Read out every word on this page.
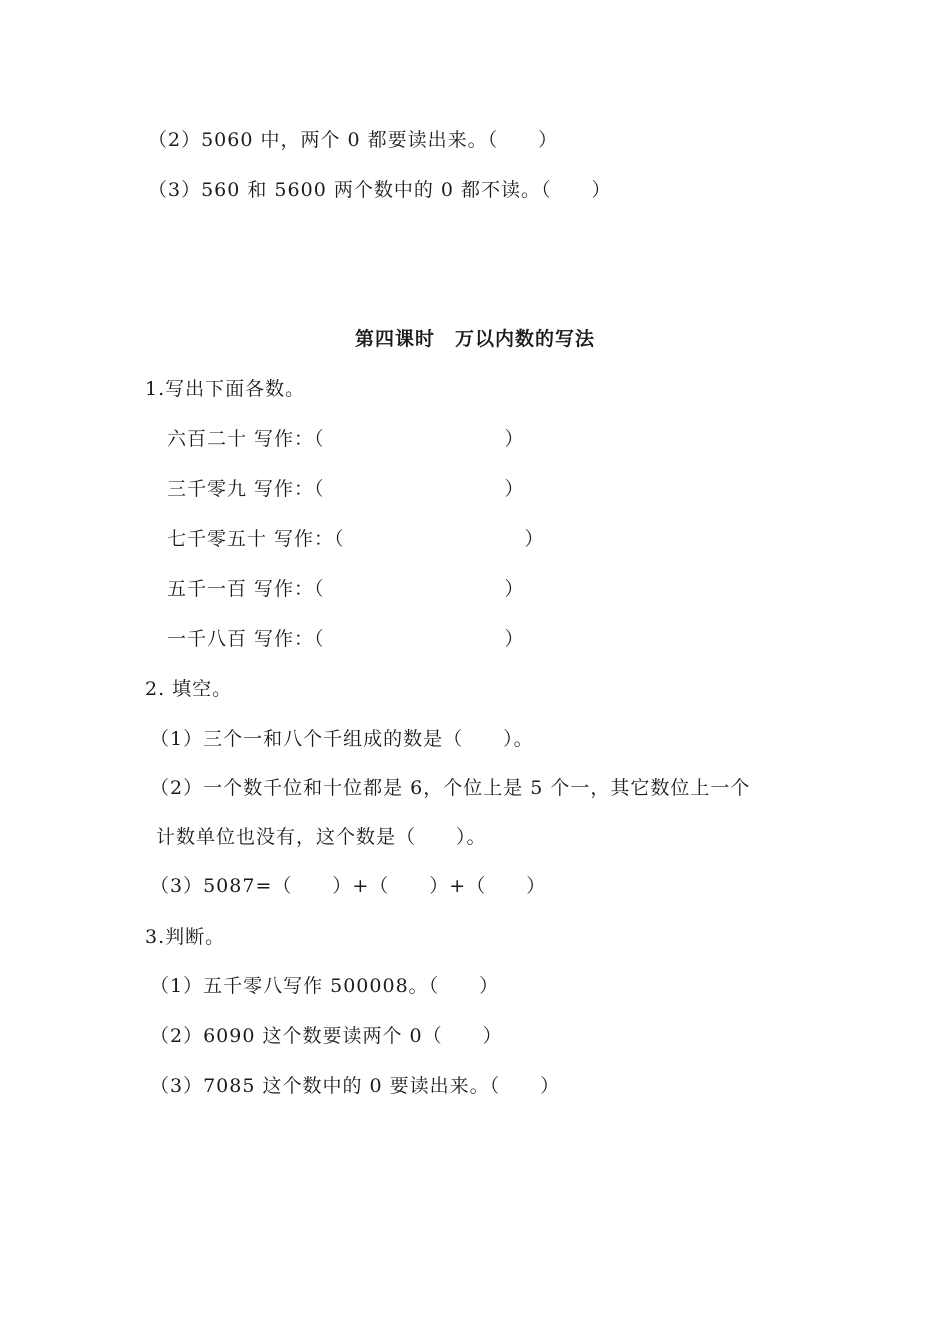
（2）5060 中，两个 0 都要读出来。（　　）
（3）560 和 5600 两个数中的 0 都不读。（　　）
第四课时　万以内数的写法
1.写出下面各数。
六百二十 写作：（　　　　　　　　　）
三千零九 写作：（　　　　　　　　　）
七千零五十 写作：（　　　　　　　　　）
五千一百 写作：（　　　　　　　　　）
一千八百 写作：（　　　　　　　　　）
2. 填空。
（1）三个一和八个千组成的数是（　　）。
（2）一个数千位和十位都是 6，个位上是 5 个一，其它数位上一个
计数单位也没有，这个数是（　　）。
（3）5087=（　　）+（　　）+（　　）
3.判断。
（1）五千零八写作 500008。（　　）
（2）6090 这个数要读两个 0（　　）
（3）7085 这个数中的 0 要读出来。（　　）
